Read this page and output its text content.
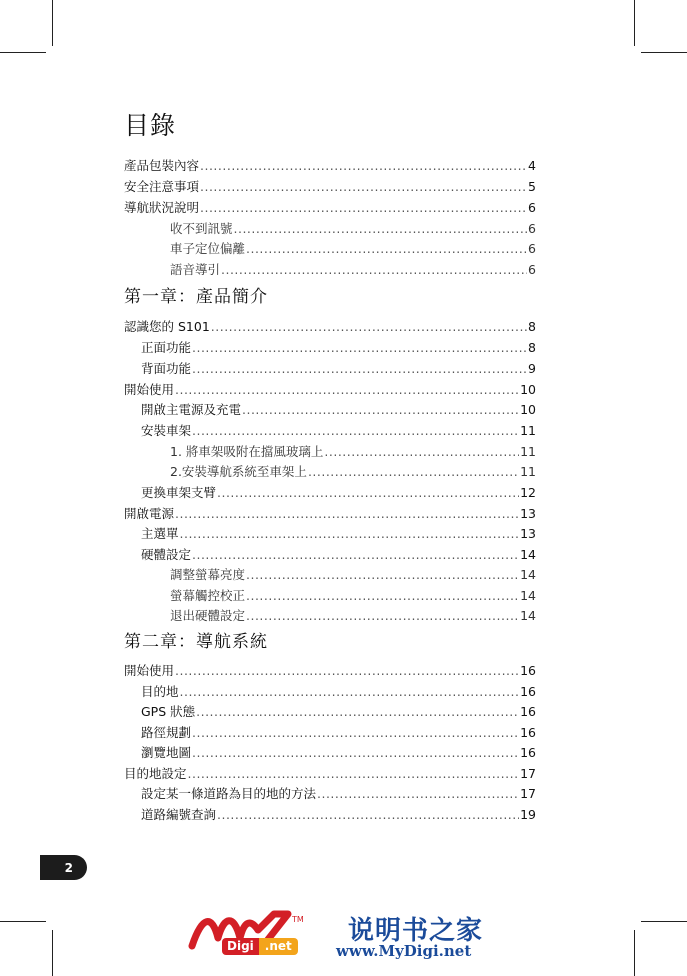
目錄
產品包裝內容 .....	4
安全注意事項 .....	5
導航狀況說明 .....	6
收不到訊號 .....	6
車子定位偏離 .....	6
語音導引 .....	6
第一章：產品簡介
認識您的 S101 .....	8
正面功能 .....	8
背面功能 .....	9
開始使用 .....	10
開啟主電源及充電 .....	10
安裝車架 .....	11
1. 將車架吸附在擋風玻璃上 .....	11
2.安裝導航系統至車架上 .....	11
更換車架支臂 .....	12
開啟電源 .....	13
主選單 .....	13
硬體設定 .....	14
調整螢幕亮度 .....	14
螢幕觸控校正 .....	14
退出硬體設定 .....	14
第二章：導航系統
開始使用 .....	16
目的地 .....	16
GPS 狀態 .....	16
路徑規劃 .....	16
瀏覽地圖 .....	16
目的地設定 .....	17
設定某一條道路為目的地的方法 .....	17
道路編號查詢 .....	19
2
TM
Digi .net 说明书之家
www.MyDigi.net
